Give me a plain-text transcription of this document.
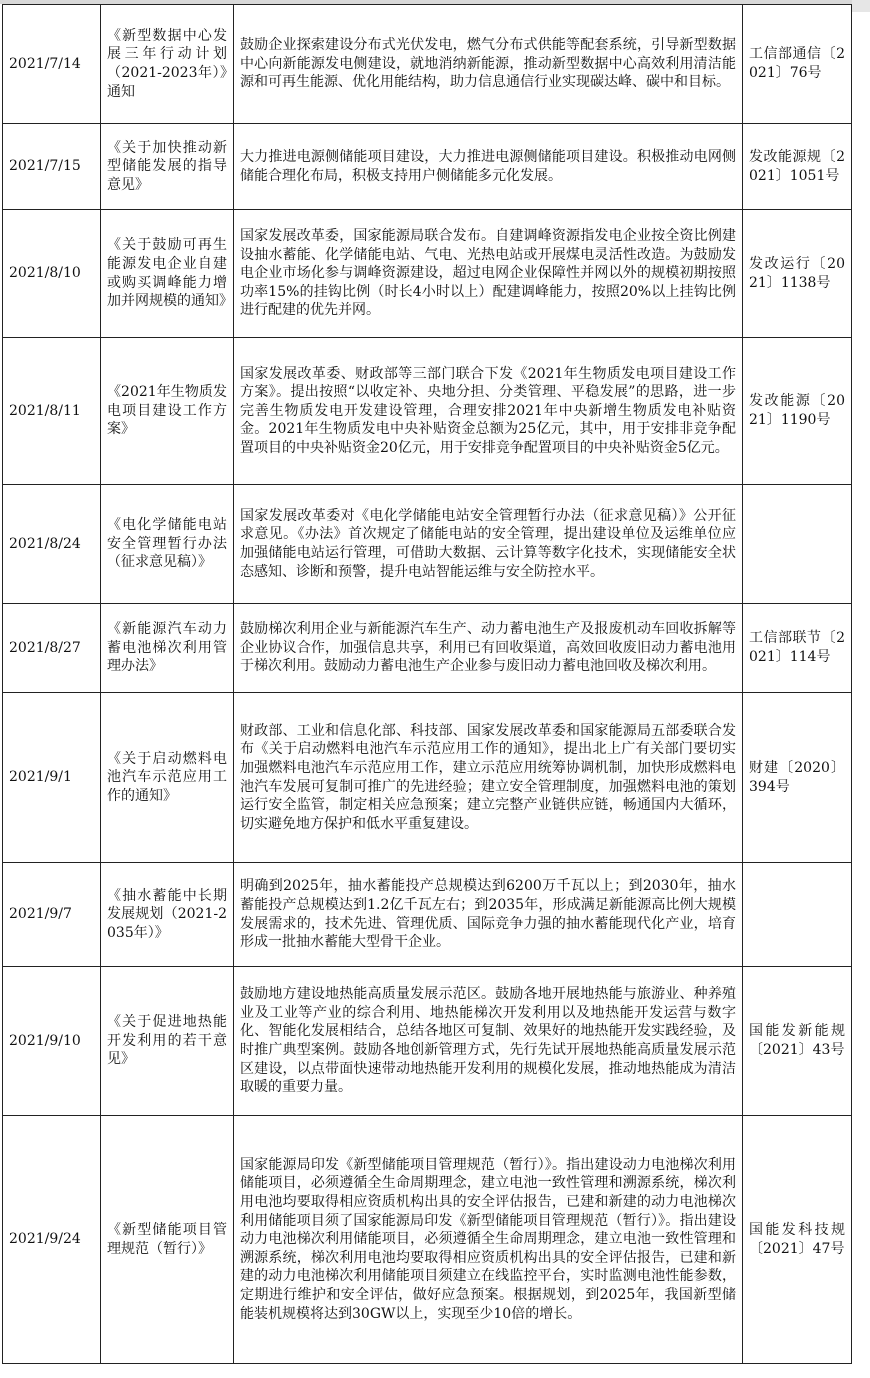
2021/7/14	《新型数据中心发展三年行动计划（2021-2023年）》通知	鼓励企业探索建设分布式光伏发电，燃气分布式供能等配套系统，引导新型数据中心向新能源发电侧建设，就地消纳新能源，推动新型数据中心高效利用清洁能源和可再生能源、优化用能结构，助力信息通信行业实现碳达峰、碳中和目标。	工信部通信〔2021〕76号
2021/7/15	《关于加快推动新型储能发展的指导意见》	大力推进电源侧储能项目建设，大力推进电源侧储能项目建设。积极推动电网侧储能合理化布局，积极支持用户侧储能多元化发展。	发改能源规〔2021〕1051号
2021/8/10	《关于鼓励可再生能源发电企业自建或购买调峰能力增加并网规模的通知》	国家发展改革委，国家能源局联合发布。自建调峰资源指发电企业按全资比例建设抽水蓄能、化学储能电站、气电、光热电站或开展煤电灵活性改造。为鼓励发电企业市场化参与调峰资源建设，超过电网企业保障性并网以外的规模初期按照功率15%的挂钩比例（时长4小时以上）配建调峰能力，按照20%以上挂钩比例进行配建的优先并网。	发改运行〔2021〕1138号
2021/8/11	《2021年生物质发电项目建设工作方案》	国家发展改革委、财政部等三部门联合下发《2021年生物质发电项目建设工作方案》。提出按照“以收定补、央地分担、分类管理、平稳发展”的思路，进一步完善生物质发电开发建设管理，合理安排2021年中央新增生物质发电补贴资金。2021年生物质发电中央补贴资金总额为25亿元，其中，用于安排非竞争配置项目的中央补贴资金20亿元，用于安排竞争配置项目的中央补贴资金5亿元。	发改能源〔2021〕1190号
2021/8/24	《电化学储能电站安全管理暂行办法（征求意见稿）》	国家发展改革委对《电化学储能电站安全管理暂行办法（征求意见稿）》公开征求意见。《办法》首次规定了储能电站的安全管理，提出建设单位及运维单位应加强储能电站运行管理，可借助大数据、云计算等数字化技术，实现储能安全状态感知、诊断和预警，提升电站智能运维与安全防控水平。	
2021/8/27	《新能源汽车动力蓄电池梯次利用管理办法》	鼓励梯次利用企业与新能源汽车生产、动力蓄电池生产及报废机动车回收拆解等企业协议合作，加强信息共享，利用已有回收渠道，高效回收废旧动力蓄电池用于梯次利用。鼓励动力蓄电池生产企业参与废旧动力蓄电池回收及梯次利用。	工信部联节〔2021〕114号
2021/9/1	《关于启动燃料电池汽车示范应用工作的通知》	财政部、工业和信息化部、科技部、国家发展改革委和国家能源局五部委联合发布《关于启动燃料电池汽车示范应用工作的通知》，提出北上广有关部门要切实加强燃料电池汽车示范应用工作，建立示范应用统筹协调机制，加快形成燃料电池汽车发展可复制可推广的先进经验；建立安全管理制度，加强燃料电池的策划运行安全监管，制定相关应急预案；建立完整产业链供应链，畅通国内大循环，切实避免地方保护和低水平重复建设。	财建〔2020〕394号
2021/9/7	《抽水蓄能中长期发展规划（2021-2035年）》	明确到2025年，抽水蓄能投产总规模达到6200万千瓦以上；到2030年，抽水蓄能投产总规模达到1.2亿千瓦左右；到2035年，形成满足新能源高比例大规模发展需求的，技术先进、管理优质、国际竞争力强的抽水蓄能现代化产业，培育形成一批抽水蓄能大型骨干企业。	
2021/9/10	《关于促进地热能开发利用的若干意见》	鼓励地方建设地热能高质量发展示范区。鼓励各地开展地热能与旅游业、种养殖业及工业等产业的综合利用、地热能梯次开发利用以及地热能开发运营与数字化、智能化发展相结合，总结各地区可复制、效果好的地热能开发实践经验，及时推广典型案例。鼓励各地创新管理方式，先行先试开展地热能高质量发展示范区建设，以点带面快速带动地热能开发利用的规模化发展，推动地热能成为清洁取暖的重要力量。	国能发新能规〔2021〕43号
2021/9/24	《新型储能项目管理规范（暂行）》	国家能源局印发《新型储能项目管理规范（暂行）》。指出建设动力电池梯次利用储能项目，必须遵循全生命周期理念，建立电池一致性管理和溯源系统，梯次利用电池均要取得相应资质机构出具的安全评估报告，已建和新建的动力电池梯次利用储能项目须了国家能源局印发《新型储能项目管理规范（暂行）》。指出建设动力电池梯次利用储能项目，必须遵循全生命周期理念，建立电池一致性管理和溯源系统，梯次利用电池均要取得相应资质机构出具的安全评估报告，已建和新建的动力电池梯次利用储能项目须建立在线监控平台，实时监测电池性能参数，定期进行维护和安全评估，做好应急预案。根据规划，到2025年，我国新型储能装机规模将达到30GW以上，实现至少10倍的增长。	国能发科技规〔2021〕47号
